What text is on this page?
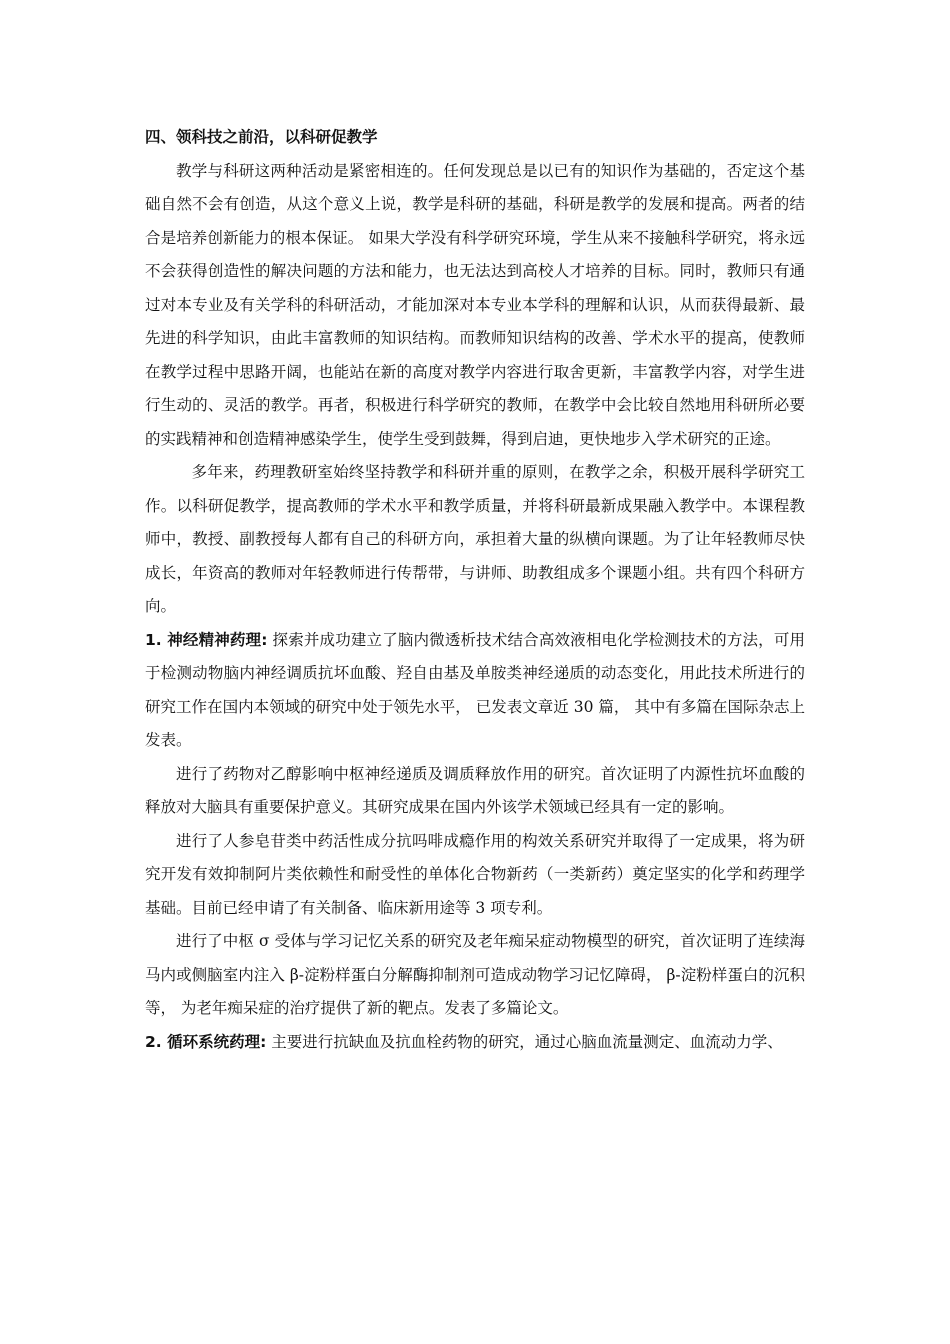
四、领科技之前沿，以科研促教学

教学与科研这两种活动是紧密相连的。任何发现总是以已有的知识作为基础的，否定这个基础自然不会有创造，从这个意义上说，教学是科研的基础，科研是教学的发展和提高。两者的结合是培养创新能力的根本保证。 如果大学没有科学研究环境，学生从来不接触科学研究，将永远不会获得创造性的解决问题的方法和能力，也无法达到高校人才培养的目标。同时，教师只有通过对本专业及有关学科的科研活动，才能加深对本专业本学科的理解和认识，从而获得最新、最先进的科学知识，由此丰富教师的知识结构。而教师知识结构的改善、学术水平的提高，使教师在教学过程中思路开阔，也能站在新的高度对教学内容进行取舍更新，丰富教学内容，对学生进行生动的、灵活的教学。再者，积极进行科学研究的教师，在教学中会比较自然地用科研所必要的实践精神和创造精神感染学生，使学生受到鼓舞，得到启迪，更快地步入学术研究的正途。

多年来，药理教研室始终坚持教学和科研并重的原则，在教学之余，积极开展科学研究工作。以科研促教学，提高教师的学术水平和教学质量，并将科研最新成果融入教学中。本课程教师中，教授、副教授每人都有自己的科研方向，承担着大量的纵横向课题。为了让年轻教师尽快成长，年资高的教师对年轻教师进行传帮带，与讲师、助教组成多个课题小组。共有四个科研方向。

1. 神经精神药理: 探索并成功建立了脑内微透析技术结合高效液相电化学检测技术的方法，可用于检测动物脑内神经调质抗坏血酸、羟自由基及单胺类神经递质的动态变化，用此技术所进行的研究工作在国内本领域的研究中处于领先水平， 已发表文章近 30 篇， 其中有多篇在国际杂志上发表。

进行了药物对乙醇影响中枢神经递质及调质释放作用的研究。首次证明了内源性抗坏血酸的释放对大脑具有重要保护意义。其研究成果在国内外该学术领域已经具有一定的影响。

进行了人参皂苷类中药活性成分抗吗啡成瘾作用的构效关系研究并取得了一定成果，将为研究开发有效抑制阿片类依赖性和耐受性的单体化合物新药（一类新药）奠定坚实的化学和药理学基础。目前已经申请了有关制备、临床新用途等 3 项专利。

进行了中枢 σ 受体与学习记忆关系的研究及老年痴呆症动物模型的研究，首次证明了连续海马内或侧脑室内注入 β-淀粉样蛋白分解酶抑制剂可造成动物学习记忆障碍， β-淀粉样蛋白的沉积等， 为老年痴呆症的治疗提供了新的靶点。发表了多篇论文。

2. 循环系统药理: 主要进行抗缺血及抗血栓药物的研究，通过心脑血流量测定、血流动力学、
